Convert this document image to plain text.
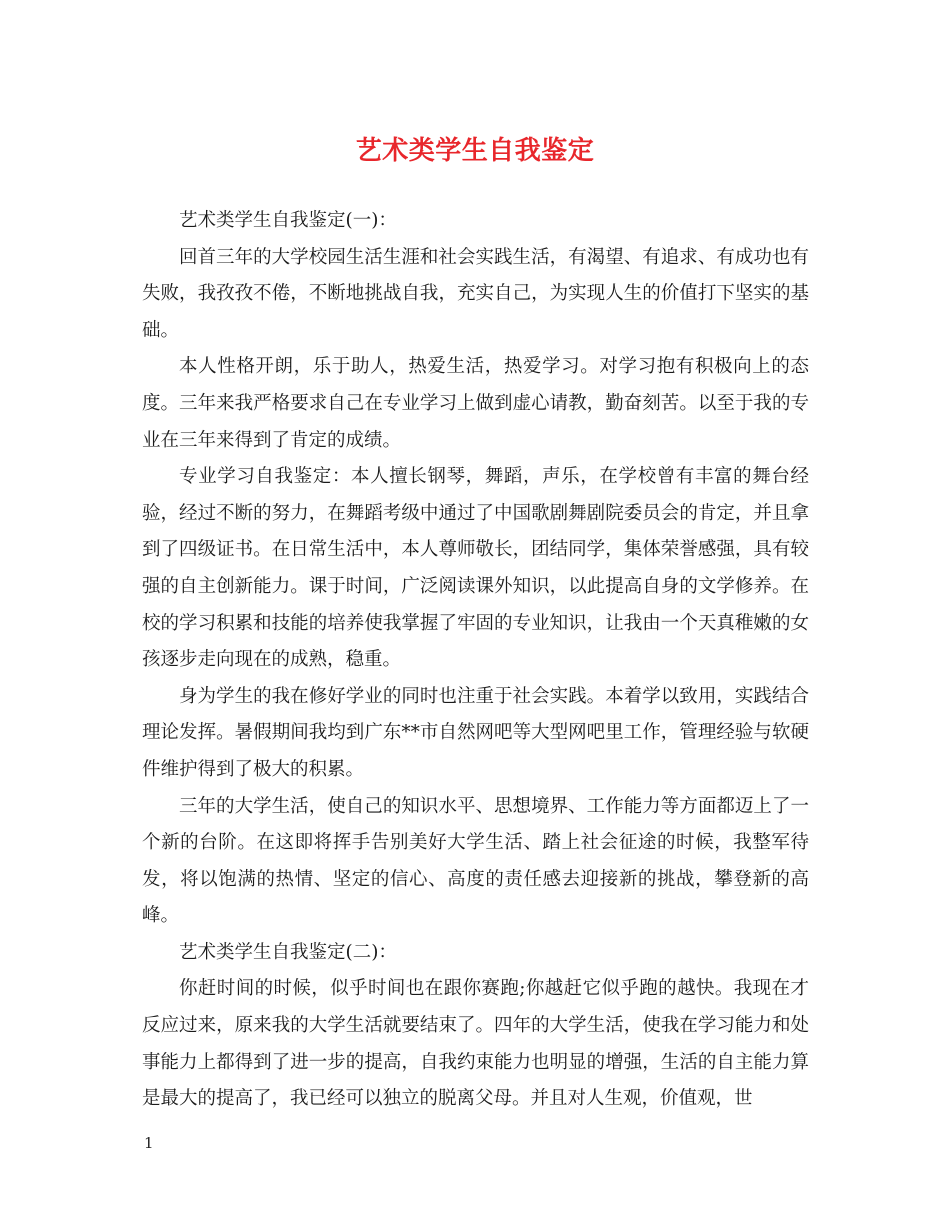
艺术类学生自我鉴定

艺术类学生自我鉴定(一)：

回首三年的大学校园生活生涯和社会实践生活，有渴望、有追求、有成功也有失败，我孜孜不倦，不断地挑战自我，充实自己，为实现人生的价值打下坚实的基础。

本人性格开朗，乐于助人，热爱生活，热爱学习。对学习抱有积极向上的态度。三年来我严格要求自己在专业学习上做到虚心请教，勤奋刻苦。以至于我的专业在三年来得到了肯定的成绩。

专业学习自我鉴定：本人擅长钢琴，舞蹈，声乐，在学校曾有丰富的舞台经验，经过不断的努力，在舞蹈考级中通过了中国歌剧舞剧院委员会的肯定，并且拿到了四级证书。在日常生活中，本人尊师敬长，团结同学，集体荣誉感强，具有较强的自主创新能力。课于时间，广泛阅读课外知识，以此提高自身的文学修养。在校的学习积累和技能的培养使我掌握了牢固的专业知识，让我由一个天真稚嫩的女孩逐步走向现在的成熟，稳重。

身为学生的我在修好学业的同时也注重于社会实践。本着学以致用，实践结合理论发挥。暑假期间我均到广东**市自然网吧等大型网吧里工作，管理经验与软硬件维护得到了极大的积累。

三年的大学生活，使自己的知识水平、思想境界、工作能力等方面都迈上了一个新的台阶。在这即将挥手告别美好大学生活、踏上社会征途的时候，我整军待发，将以饱满的热情、坚定的信心、高度的责任感去迎接新的挑战，攀登新的高峰。

艺术类学生自我鉴定(二)：

你赶时间的时候，似乎时间也在跟你赛跑;你越赶它似乎跑的越快。我现在才反应过来，原来我的大学生活就要结束了。四年的大学生活，使我在学习能力和处事能力上都得到了进一步的提高，自我约束能力也明显的增强，生活的自主能力算是最大的提高了，我已经可以独立的脱离父母。并且对人生观，价值观，世

1
